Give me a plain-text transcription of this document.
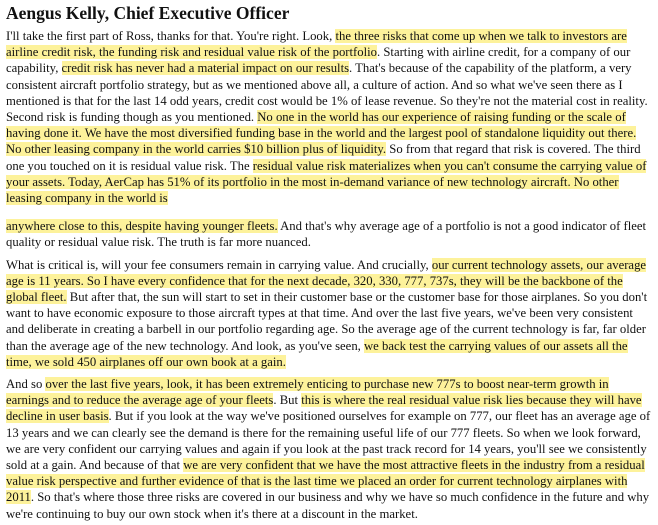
Aengus Kelly, Chief Executive Officer

I'll take the first part of Ross, thanks for that. You're right. Look, the three risks that come up when we talk to investors are airline credit risk, the funding risk and residual value risk of the portfolio. Starting with airline credit, for a company of our capability, credit risk has never had a material impact on our results. That's because of the capability of the platform, a very consistent aircraft portfolio strategy, but as we mentioned above all, a culture of action. And so what we've seen there as I mentioned is that for the last 14 odd years, credit cost would be 1% of lease revenue. So they're not the material cost in reality. Second risk is funding though as you mentioned. No one in the world has our experience of raising funding or the scale of having done it. We have the most diversified funding base in the world and the largest pool of standalone liquidity out there. No other leasing company in the world carries $10 billion plus of liquidity. So from that regard that risk is covered. The third one you touched on it is residual value risk. The residual value risk materializes when you can't consume the carrying value of your assets. Today, AerCap has 51% of its portfolio in the most in-demand variance of new technology aircraft. No other leasing company in the world is

anywhere close to this, despite having younger fleets. And that's why average age of a portfolio is not a good indicator of fleet quality or residual value risk. The truth is far more nuanced.

What is critical is, will your fee consumers remain in carrying value. And crucially, our current technology assets, our average age is 11 years. So I have every confidence that for the next decade, 320, 330, 777, 737s, they will be the backbone of the global fleet. But after that, the sun will start to set in their customer base or the customer base for those airplanes. So you don't want to have economic exposure to those aircraft types at that time. And over the last five years, we've been very consistent and deliberate in creating a barbell in our portfolio regarding age. So the average age of the current technology is far, far older than the average age of the new technology. And look, as you've seen, we back test the carrying values of our assets all the time, we sold 450 airplanes off our own book at a gain.

And so over the last five years, look, it has been extremely enticing to purchase new 777s to boost near-term growth in earnings and to reduce the average age of your fleets. But this is where the real residual value risk lies because they will have decline in user basis. But if you look at the way we've positioned ourselves for example on 777, our fleet has an average age of 13 years and we can clearly see the demand is there for the remaining useful life of our 777 fleets. So when we look forward, we are very confident our carrying values and again if you look at the past track record for 14 years, you'll see we consistently sold at a gain. And because of that we are very confident that we have the most attractive fleets in the industry from a residual value risk perspective and further evidence of that is the last time we placed an order for current technology airplanes with 2011. So that's where those three risks are covered in our business and why we have so much confidence in the future and why we're continuing to buy our own stock when it's there at a discount in the market.
